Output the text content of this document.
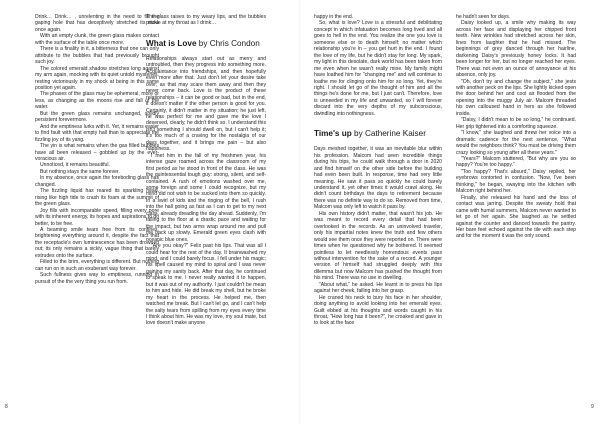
Drink… Drink… , unrelenting in the need to fill the gaping hole that has deceptively stretched its maw once again.

With an empty clunk, the green glass makes contact with the surface of the table once more.

There is a finality in it, a bitterness that one can only attribute to the bubbles that had previously brought such joy.

The colored emerald shadow stretches long against my arm again, mocking with its quiet untold mysteries, resting victoriously in my shock at being in this same position yet again.

The phases of the glass may be ephemeral, more or less, as changing as the moons rise and fall of the water.

But the green glass remains unchanged, solidly persistent forevermore.

And the emptiness lurks with it. Yet, it remains easier to find fault with that empty hall than to appreciate the fizzling joy of its yang.

The yin is what remains when the gas filled bubbles have all been released – gobbled up by the ever-voracious air.

Unnoticed, it remains beautiful.

But nothing stays the same forever.

In my absence, once again the foreboding glass has changed.

The fizzling liquid has reared its sparkling head, rising like high tide to crash its foam at the summit of the green glass.

Joy fills with incomparable speed, filling every pore with its inherent energy, its hopes and aspirations to do better, to be free.

A beaming smile tears free from its confines, brightening everything around it, despite the fact that the receptacle's own luminescence has been drowned out; its only remains a sickly, vague thing that barely extrudes onto the surface.

Filled to the brim, everything is different. But nothing can run on in such an exuberant way forever.

Such fullness gives way to emptiness, running in pursuit of the the very thing you run from.

The glass raises to my weary lips, and the bubbles prickle at my throat as I drink…

What is Love by Chris Condon

Relationships always start out as merry and untroubled, then they progress into something more. Acquaintance into friendships, and then hopefully even more after that. Just don't let your desire take over; as that may scare them away and then they never come back. Love is the product of these relationships – it can be good or bad, but in the end, it doesn't matter if the other person is good for you. Certainly, it didn't matter in my situation; he just left, he was perfect for me and gave me the love I deserved, clearly, he didn't think so. I understand this isn't something I should dwell on, but I can't help it; it's too much of a craving for the nostalgia of our days together, and it brings me pain – but also happiness.

I met him in the fall of my freshmen year, his intense gaze roamed across the classroom of my first period as he stood in front of the class. He was the quintessential tough guy: strong, silent, and self-contained. A rush of emotions washed over me, some foreign and some I could recognize, but my mind did not wish to be sucked into them so quickly. In a swirl of kids and the ringing of the bell, I rush into the hall going as fast as I can to get to my next class, already dreading the day ahead. Suddenly, I'm falling to the floor at a drastic pace and waiting for the impact, but two arms wrap around me and pull me back up slowly. Emerald green eyes clash with oceanic blue ones.

"Are you okay?" Felix past his lips. That was all I could hear for the rest of the day. It brainwashed my mind, and I could barely focus. I fell under his magic; his spell caused my mind to spiral and I was never gaining my sanity back. After that day, he continued to speak to me. I never really wanted it to happen, but it was out of my authority. I just couldn't be mean to him and hide. He did break my shell, but he broke my heart in the process. He helped me, then watched me break. But I can't let go, and I can't help the salty tears from spilling from my eyes every time I think about him. He was my love, my soul mate, but love doesn't make anyone

happy in the end.

So, what is love? Love is a stressful and debilitating concept in which infatuation becomes long lived and all goes to hell in the end. You realize the one you love is someone else or to death himself; no matter which relationship you're in – you get hurt in the end. I found the love of my life, but he didn't stay for long. My spark, my light in this desolate, dark world has been taken from me even when he wasn't really mine. My family might have loathed him for "changing me" and will continue to loathe me for clinging onto him for so long. Yet, they're right. I should let go of the thought of him and all the things he's done for me, but I just can't. Therefore, love is unneeded in my life and unwanted, so I will forever discard into the very depths of my subconscious, dwindling into nothingness.

Time's up by Catherine Kaiser

Days meshed together, it was an inevitable blur within his profession. Malcom had seen incredible things during his trips, he could walk through a door in 2020 and find himself on the other side before the building had even been built. In response, time had very little meaning. He saw it pass so quickly he could barely understand it, yet other times it would crawl along. He didn't count birthdays the days to retirement because there was no definite way to do so. Removed from time, Malcom was only left to watch it pass by.

His own history didn't matter, that wasn't his job. He was meant to record every detail that had been overlooked in the records. As an uninvolved traveler, only his impartial notes knew the truth and few others would see them once they were reported on. There were times when he questioned why he bothered. It seemed pointless to let needlessly horrendous events pass without intervention for the sake of a record. A younger version of himself had struggled deeply with this dilemma but now Malcom has pushed the thought from his mind. There was no use in dwelling.

"About what," he asked. He learnt in to press his lips against her cheek, falling into her grasp.

He craned his neck to bury his face in her shoulder, doing anything to avoid looking into her emerald eyes. Guilt ebbed at his thoughts and words caught in his throat, "How long has it been?", he croaked and gave in to look at the face

he hadn't seen for days.

Daisy looked up, a smile why making its way across her face and displaying her chipped front teeth. New wrinkles had stretched across her skin, lines from laughter that he had missed. The beginnings of grey danced through her hairline, darkening Daisy's previously honey locks. It had been longer for her, but no longer reached her eyes. There was not even an ounce of annoyance at his absence, only joy.

"Oh, don't try and change the subject," she jests with another peck on the lips. She lightly kicked open the door behind her and cool air flooded from the opening into the muggy July air. Malcom threaded his own calloused hand in hers as she followed inside.

"Daisy, I didn't mean to be so long," he continued. Her grip tightened into a comforting squeeze.

"I know," she laughed and threw her voice into a dramatic cadence for the next sentence, "What would the neighbors think? You must be driving them crazy looking so young after all these years."

"Years?" Malcom stuttered, "But why are you so happy? You're too happy."

"Too happy? That's absurd," Daisy replied, her eyebrows contorted in confusion. "Now, I've been thinking," he began, swaying into the kitchen with Malcom right behind her.

Finally, she released his hand and the loss of contact was jarring. Despite the sweaty hold that came with humid summers, Malcom never wanted to let go of her again. She laughed as he settled against the counter and danced towards the pantry. Her bare feet echoed against the tile with each step and for the moment it was the only sound.

8	9
